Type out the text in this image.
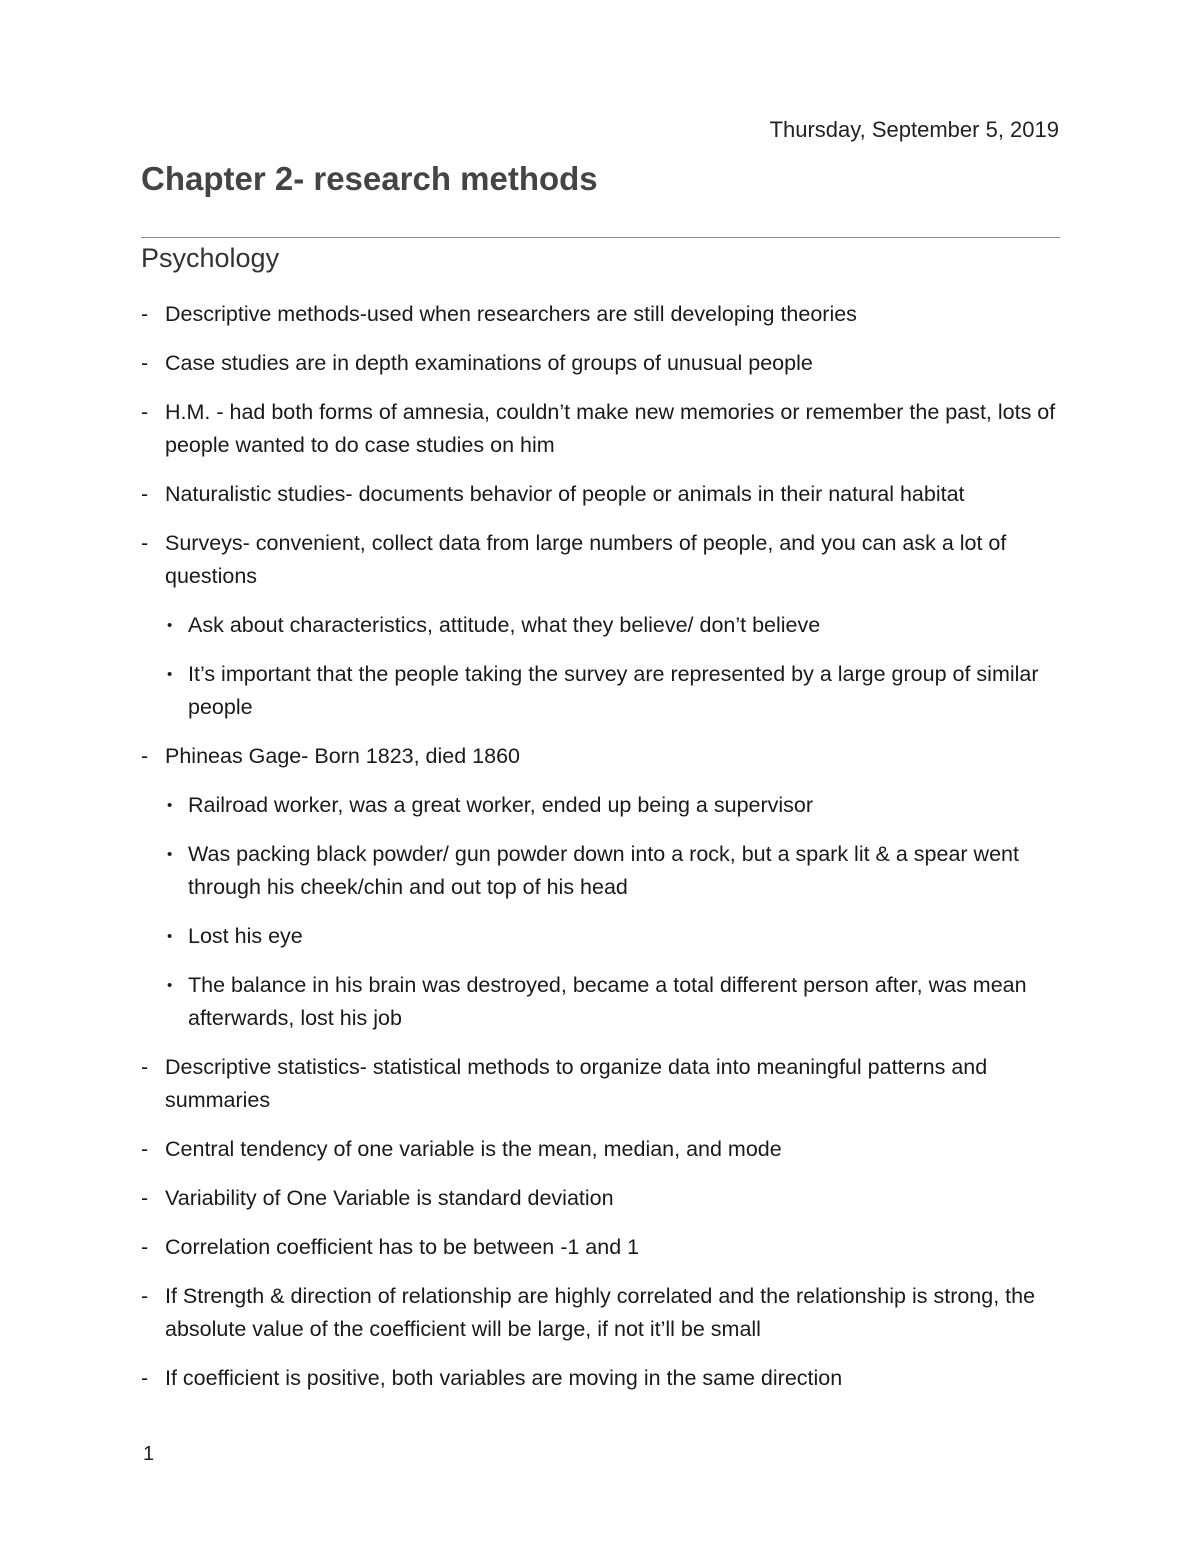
Thursday, September 5, 2019
Chapter 2- research methods
Psychology
- Descriptive methods-used when researchers are still developing theories
- Case studies are in depth examinations of groups of unusual people
- H.M. - had both forms of amnesia, couldn’t make new memories or remember the past, lots of people wanted to do case studies on him
- Naturalistic studies- documents behavior of people or animals in their natural habitat
- Surveys- convenient, collect data from large numbers of people, and you can ask a lot of questions
• Ask about characteristics, attitude, what they believe/ don’t believe
• It’s important that the people taking the survey are represented by a large group of similar people
- Phineas Gage- Born 1823, died 1860
• Railroad worker, was a great worker, ended up being a supervisor
• Was packing black powder/ gun powder down into a rock, but a spark lit & a spear went through his cheek/chin and out top of his head
• Lost his eye
• The balance in his brain was destroyed, became a total different person after, was mean afterwards, lost his job
- Descriptive statistics- statistical methods to organize data into meaningful patterns and summaries
- Central tendency of one variable is the mean, median, and mode
- Variability of One Variable is standard deviation
- Correlation coefficient has to be between -1 and 1
- If Strength & direction of relationship are highly correlated and the relationship is strong, the absolute value of the coefficient will be large, if not it’ll be small
- If coefficient is positive, both variables are moving in the same direction
1
